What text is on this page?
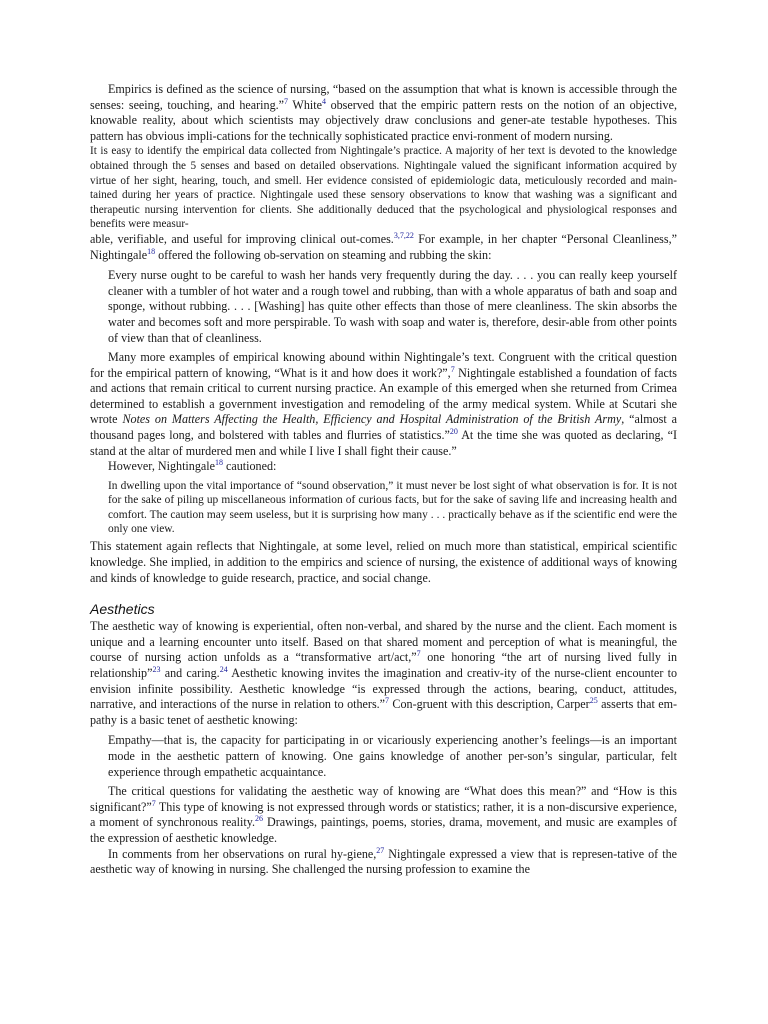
Empirics is defined as the science of nursing, “based on the assumption that what is known is accessible through the senses: seeing, touching, and hearing.”$^7$ White$^4$ observed that the empiric pattern rests on the notion of an objective, knowable reality, about which scientists may objectively draw conclusions and gener-ate testable hypotheses. This pattern has obvious impli-cations for the technically sophisticated practice envi-ronment of modern nursing.

It is easy to identify the empirical data collected from Nightingale’s practice. A majority of her text is devoted to the knowledge obtained through the 5 senses and based on detailed observations. Nightingale valued the significant information acquired by virtue of her sight, hearing, touch, and smell. Her evidence consisted of epidemiologic data, meticulously recorded and main- tained during her years of practice. Nightingale used these sensory observations to know that washing was a significant and therapeutic nursing intervention for clients. She additionally deduced that the psychological and physiological responses and benefits were measur-

able, verifiable, and useful for improving clinical out-comes.$^{3,7,22}$ For example, in her chapter “Personal Cleanliness,” Nightingale$^{18}$ offered the following ob-servation on steaming and rubbing the skin:

Every nurse ought to be careful to wash her hands very frequently during the day. . . . you can really keep yourself cleaner with a tumbler of hot water and a rough towel and rubbing, than with a whole apparatus of bath and soap and sponge, without rubbing. . . . [Washing] has quite other effects than those of mere cleanliness. The skin absorbs the water and becomes soft and more perspirable. To wash with soap and water is, therefore, desir-able from other points of view than that of cleanliness.

Many more examples of empirical knowing abound within Nightingale’s text. Congruent with the critical question for the empirical pattern of knowing, “What is it and how does it work?”,$^7$ Nightingale established a foundation of facts and actions that remain critical to current nursing practice. An example of this emerged when she returned from Crimea determined to establish a government investigation and remodeling of the army medical system. While at Scutari she wrote Notes on Matters Affecting the Health, Efficiency and Hospital Administration of the British Army, “almost a thousand pages long, and bolstered with tables and flurries of statistics.”$^{20}$ At the time she was quoted as declaring, “I stand at the altar of murdered men and while I live I shall fight their cause.”

However, Nightingale$^{18}$ cautioned:

In dwelling upon the vital importance of “sound observation,” it must never be lost sight of what observation is for. It is not for the sake of piling up miscellaneous information of curious facts, but for the sake of saving life and increasing health and comfort. The caution may seem useless, but it is surprising how many . . . practically behave as if the scientific end were the only one view.

This statement again reflects that Nightingale, at some level, relied on much more than statistical, empirical scientific knowledge. She implied, in addition to the empirics and science of nursing, the existence of additional ways of knowing and kinds of knowledge to guide research, practice, and social change.

Aesthetics

The aesthetic way of knowing is experiential, often non-verbal, and shared by the nurse and the client. Each moment is unique and a learning encounter unto itself. Based on that shared moment and perception of what is meaningful, the course of nursing action unfolds as a “transformative art/act,”$^7$ one honoring “the art of nursing lived fully in relationship”$^{23}$ and caring.$^{24}$ Aesthetic knowing invites the imagination and creativ-ity of the nurse-client encounter to envision infinite possibility. Aesthetic knowledge “is expressed through the actions, bearing, conduct, attitudes, narrative, and interactions of the nurse in relation to others.”$^7$ Con-gruent with this description, Carper$^{25}$ asserts that em-pathy is a basic tenet of aesthetic knowing:

Empathy—that is, the capacity for participating in or vicariously experiencing another’s feelings—is an important mode in the aesthetic pattern of knowing. One gains knowledge of another per-son’s singular, particular, felt experience through empathetic acquaintance.

The critical questions for validating the aesthetic way of knowing are “What does this mean?” and “How is this significant?”$^7$ This type of knowing is not expressed through words or statistics; rather, it is a non-discursive experience, a moment of synchronous reality.$^{26}$ Drawings, paintings, poems, stories, drama, movement, and music are examples of the expression of aesthetic knowledge.

In comments from her observations on rural hy-giene,$^{27}$ Nightingale expressed a view that is represen-tative of the aesthetic way of knowing in nursing. She challenged the nursing profession to examine the
